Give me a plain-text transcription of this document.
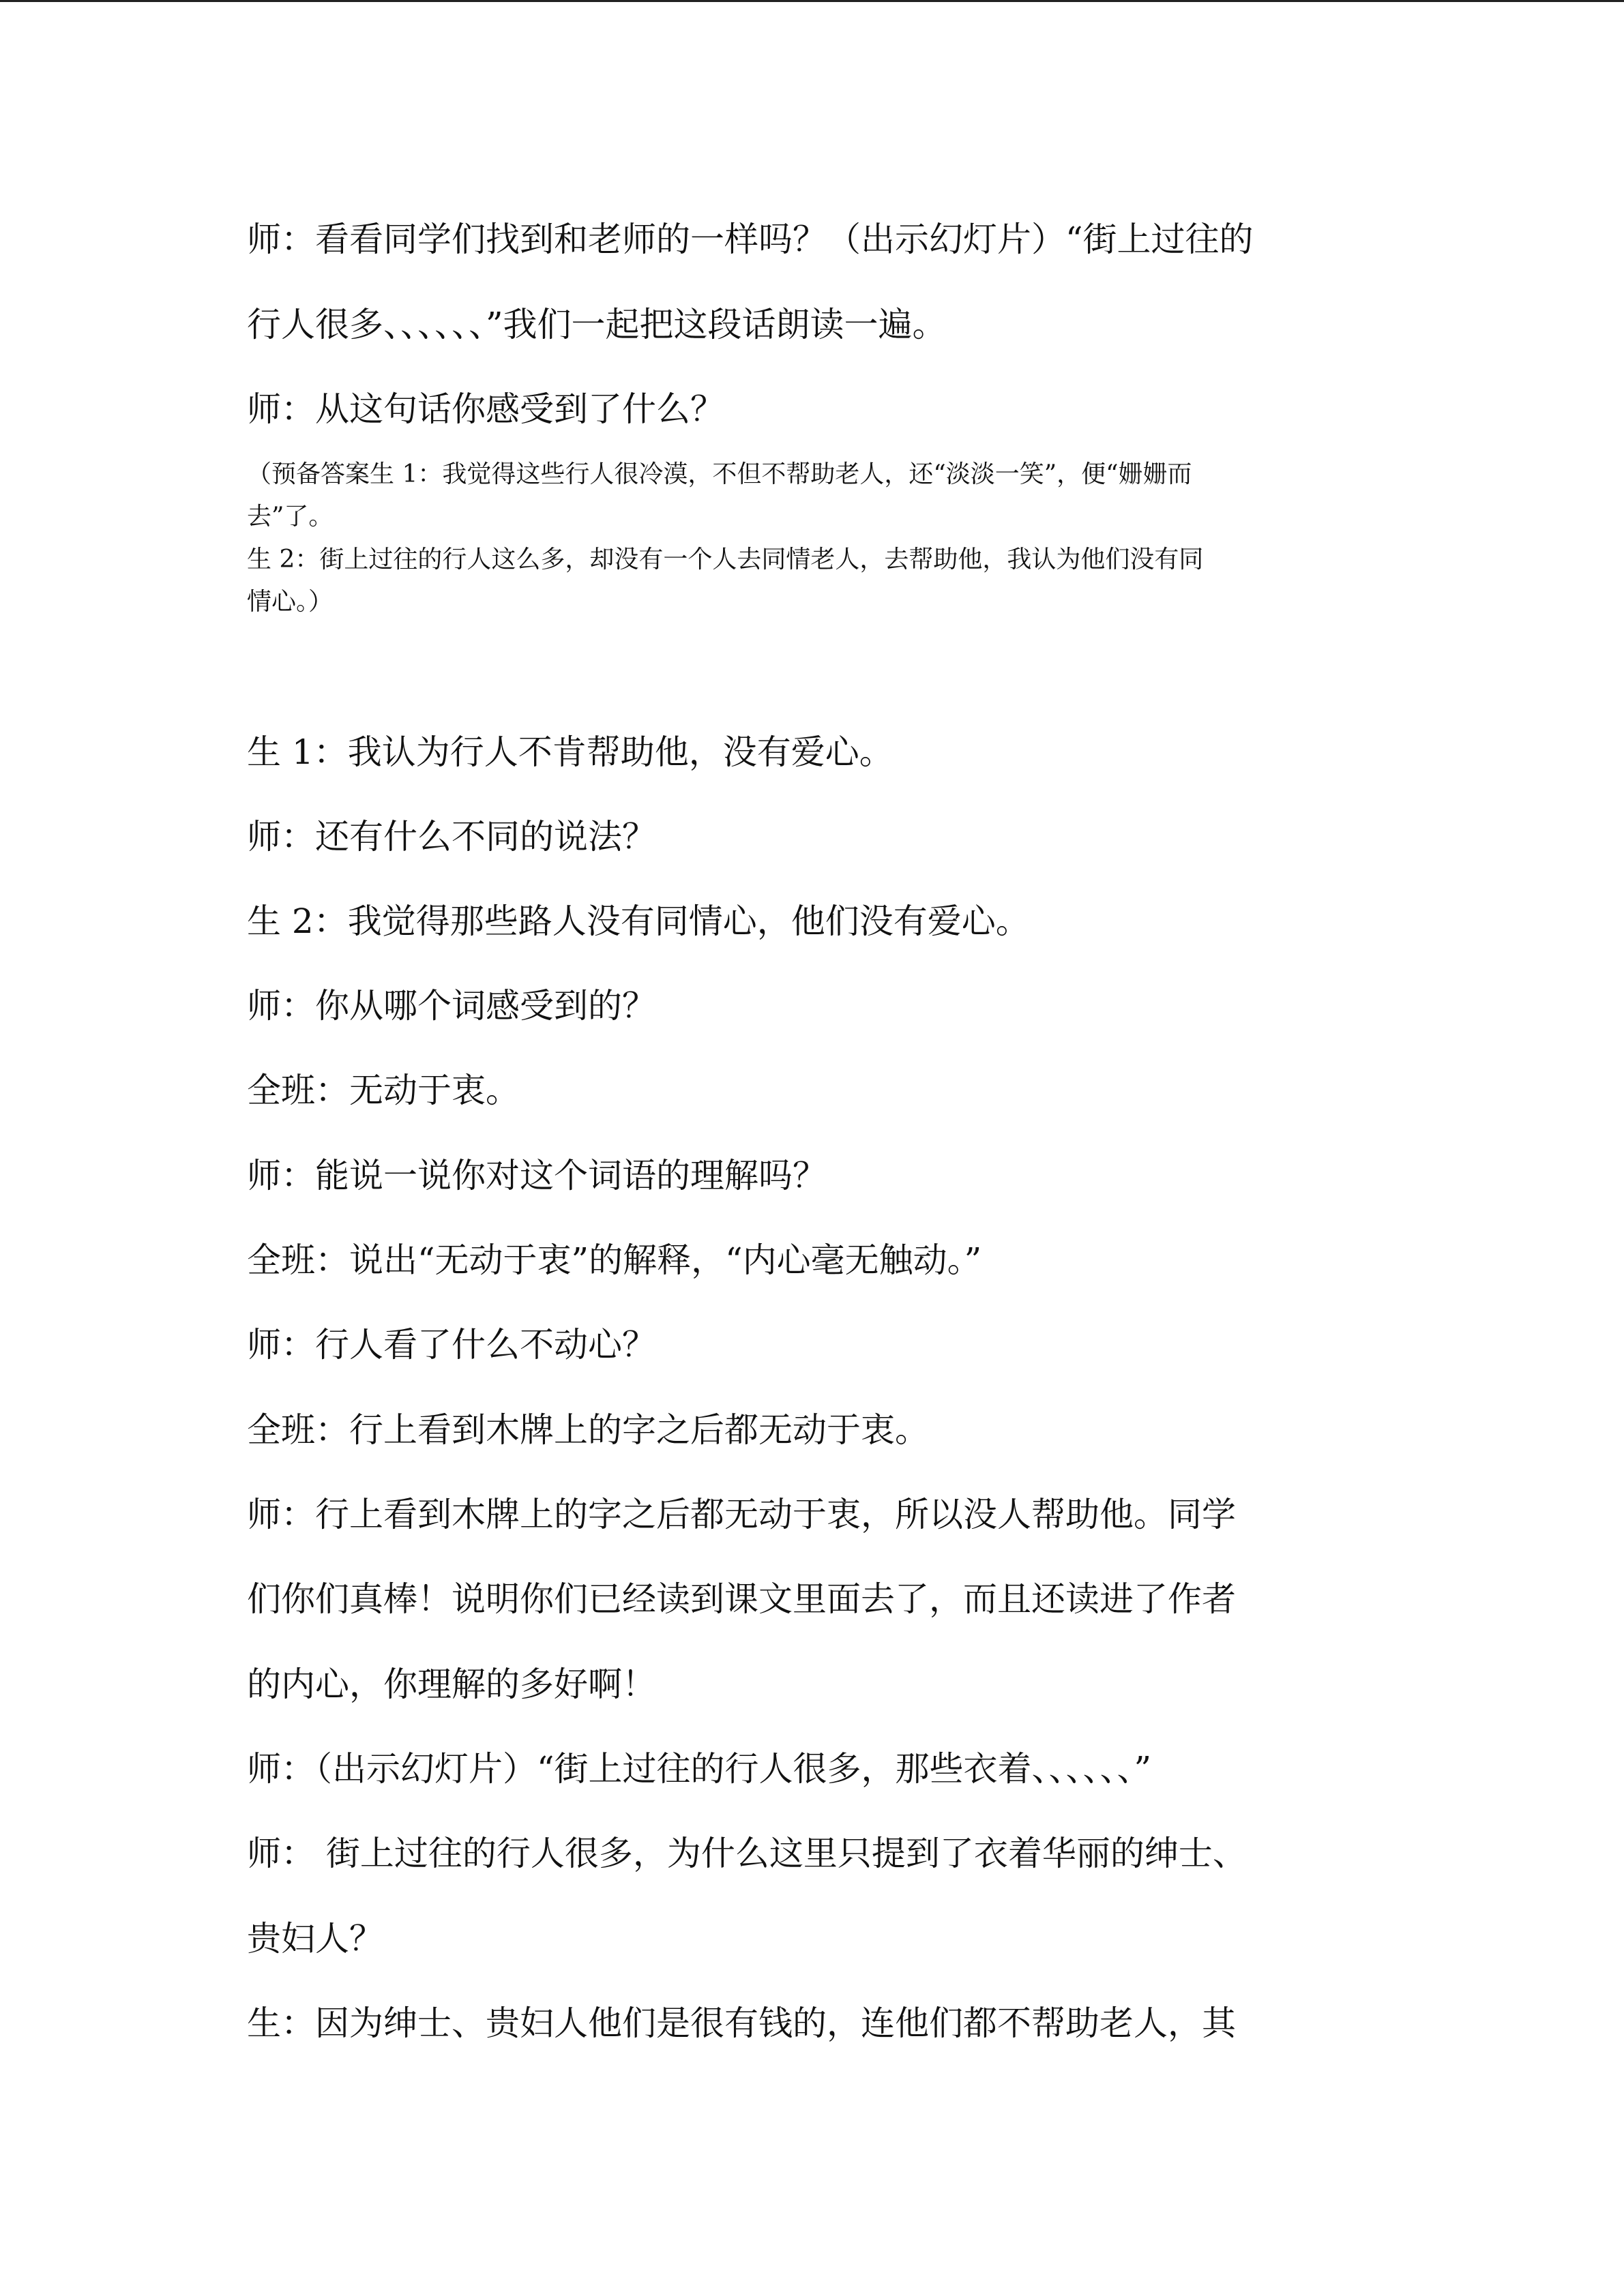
师：看看同学们找到和老师的一样吗？（出示幻灯片）“街上过往的
行人很多、、、、、、”我们一起把这段话朗读一遍。
师：从这句话你感受到了什么？
（预备答案生 1：我觉得这些行人很冷漠，不但不帮助老人，还“淡淡一笑”，便“姗姗而
去”了。
生 2：街上过往的行人这么多，却没有一个人去同情老人，去帮助他，我认为他们没有同
情心。）
生 1：我认为行人不肯帮助他，没有爱心。
师：还有什么不同的说法？
生 2：我觉得那些路人没有同情心，他们没有爱心。
师：你从哪个词感受到的？
全班：无动于衷。
师：能说一说你对这个词语的理解吗？
全班：说出“无动于衷”的解释，“内心毫无触动。”
师：行人看了什么不动心？
全班：行上看到木牌上的字之后都无动于衷。
师：行上看到木牌上的字之后都无动于衷，所以没人帮助他。同学
们你们真棒！说明你们已经读到课文里面去了，而且还读进了作者
的内心，你理解的多好啊！
师：（出示幻灯片）“街上过往的行人很多，那些衣着、、、、、、”
师： 街上过往的行人很多，为什么这里只提到了衣着华丽的绅士、
贵妇人？
生：因为绅士、贵妇人他们是很有钱的，连他们都不帮助老人，其
